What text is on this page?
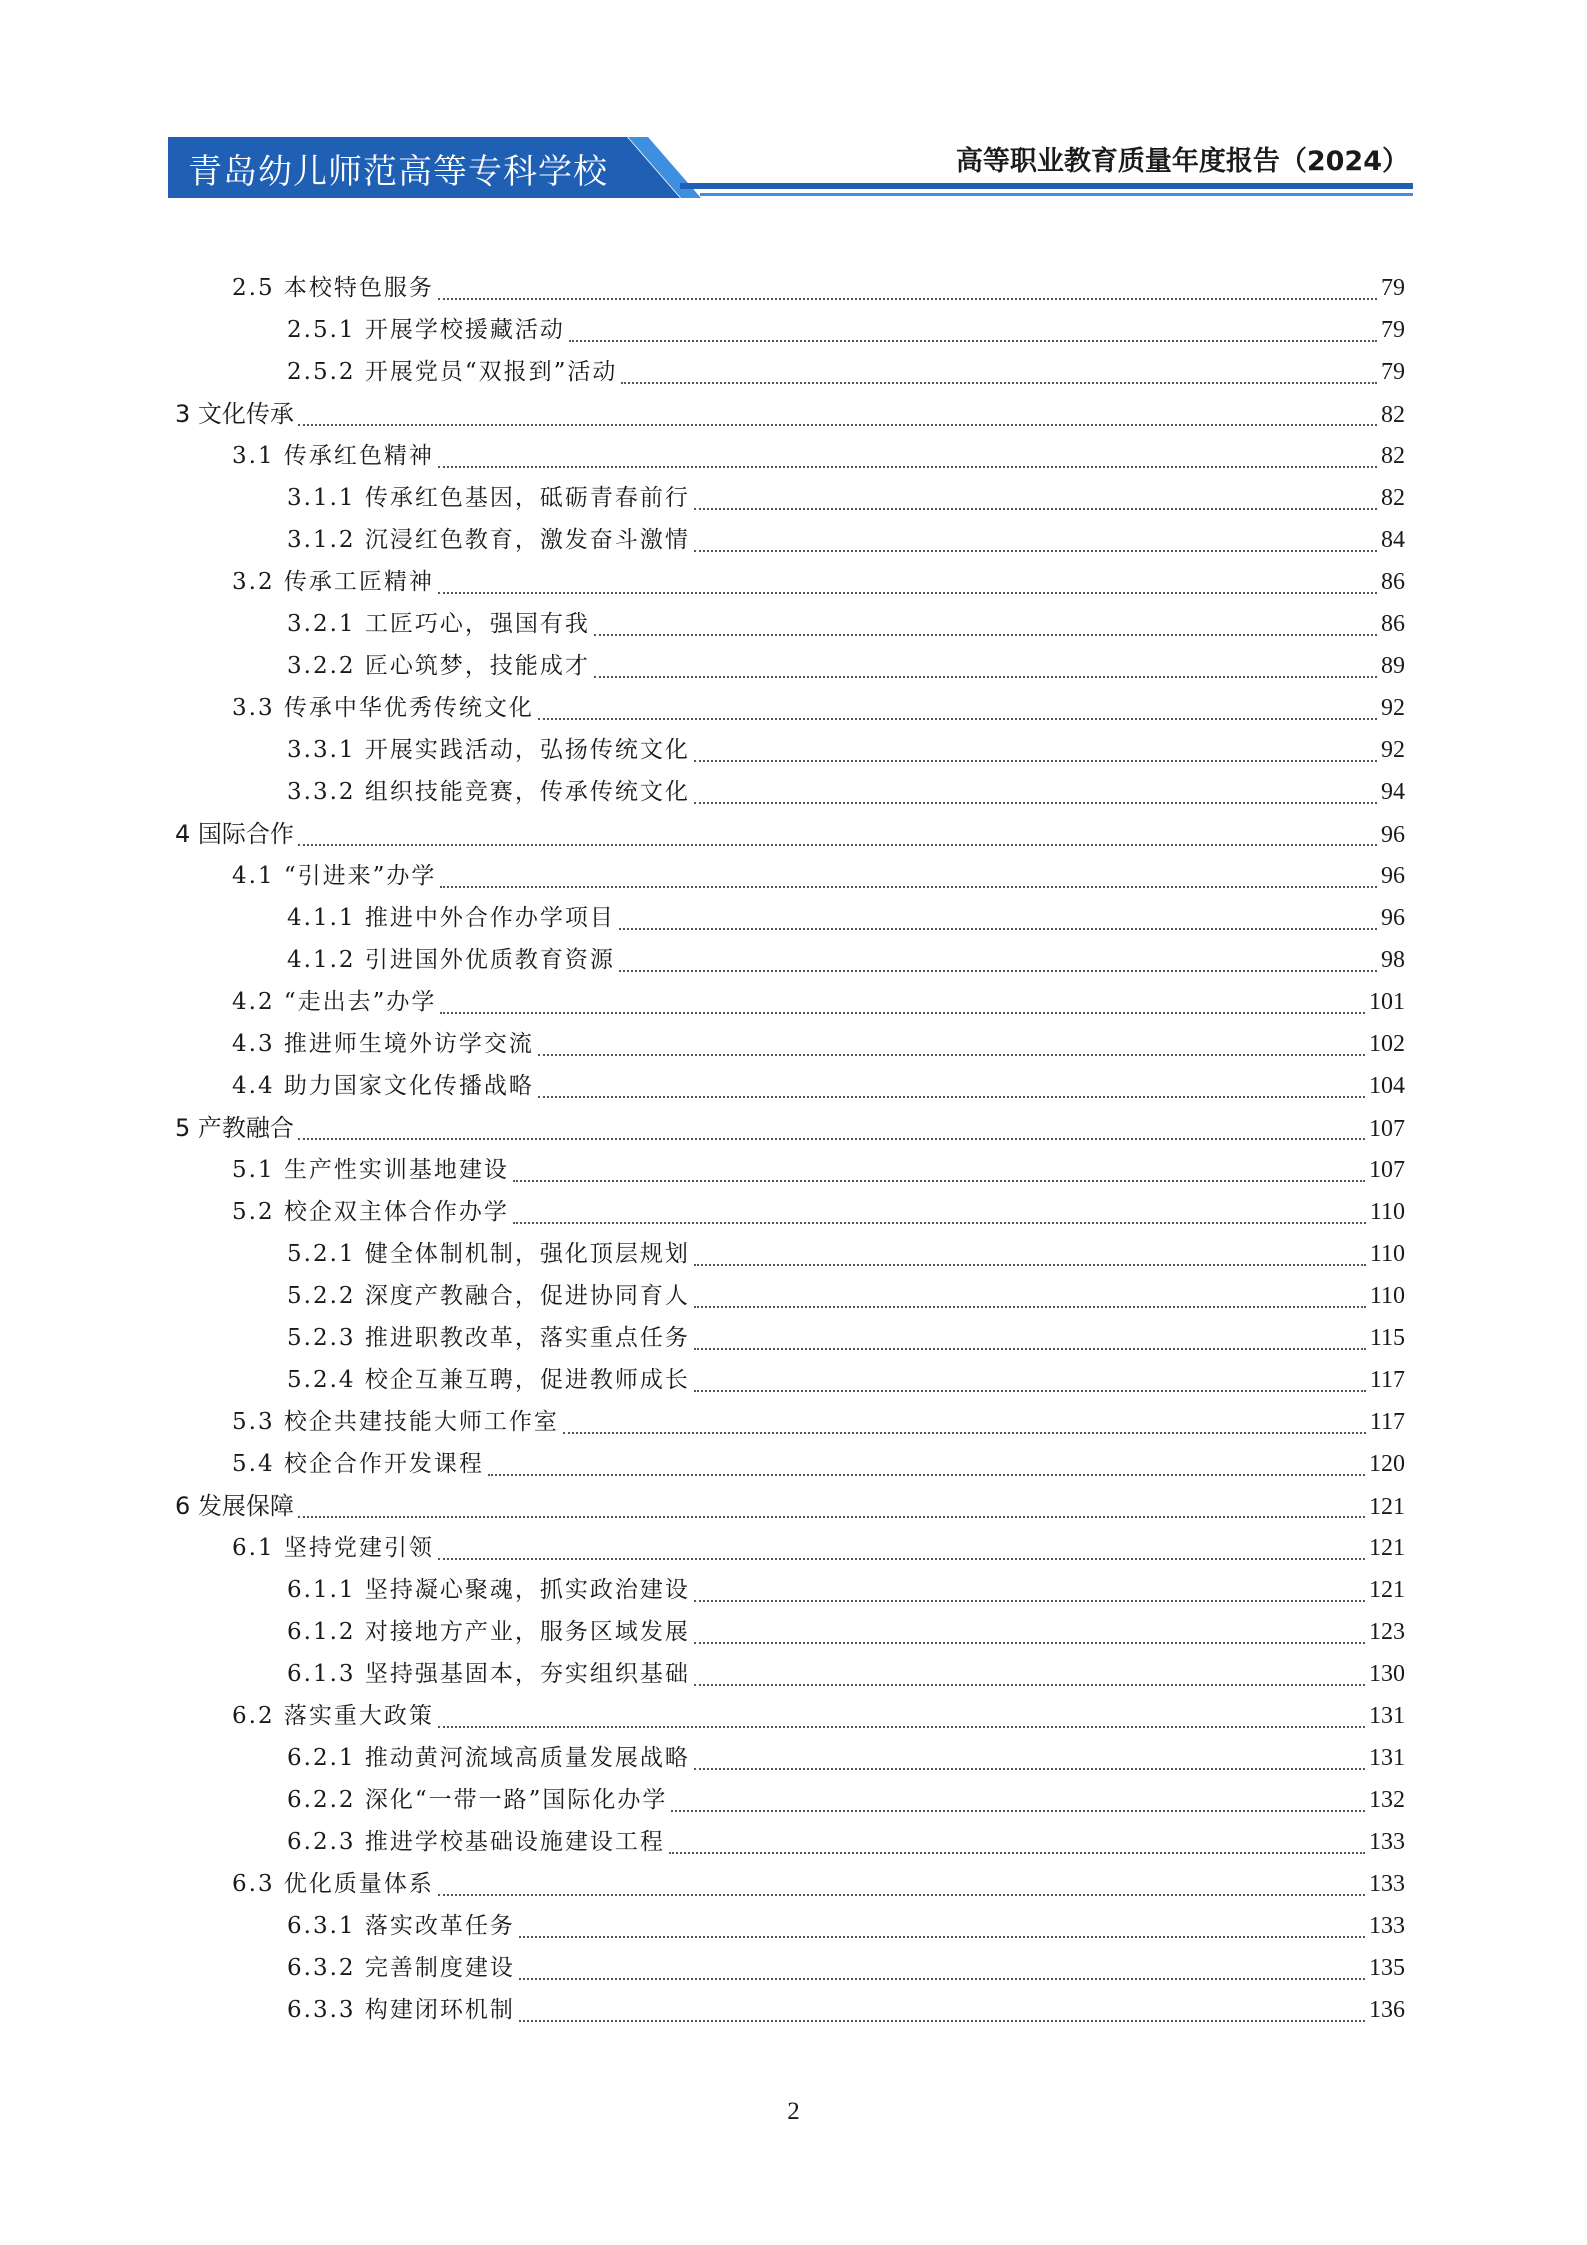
青岛幼儿师范高等专科学校	高等职业教育质量年度报告（2024）
2.5 本校特色服务	79
2.5.1 开展学校援藏活动	79
2.5.2 开展党员“双报到”活动	79
3 文化传承	82
3.1 传承红色精神	82
3.1.1 传承红色基因，砥砺青春前行	82
3.1.2 沉浸红色教育，激发奋斗激情	84
3.2 传承工匠精神	86
3.2.1 工匠巧心，强国有我	86
3.2.2 匠心筑梦，技能成才	89
3.3 传承中华优秀传统文化	92
3.3.1 开展实践活动，弘扬传统文化	92
3.3.2 组织技能竞赛，传承传统文化	94
4 国际合作	96
4.1 “引进来”办学	96
4.1.1 推进中外合作办学项目	96
4.1.2 引进国外优质教育资源	98
4.2 “走出去”办学	101
4.3 推进师生境外访学交流	102
4.4 助力国家文化传播战略	104
5 产教融合	107
5.1 生产性实训基地建设	107
5.2 校企双主体合作办学	110
5.2.1 健全体制机制，强化顶层规划	110
5.2.2 深度产教融合，促进协同育人	110
5.2.3 推进职教改革，落实重点任务	115
5.2.4 校企互兼互聘，促进教师成长	117
5.3 校企共建技能大师工作室	117
5.4 校企合作开发课程	120
6 发展保障	121
6.1 坚持党建引领	121
6.1.1 坚持凝心聚魂，抓实政治建设	121
6.1.2 对接地方产业，服务区域发展	123
6.1.3 坚持强基固本，夯实组织基础	130
6.2 落实重大政策	131
6.2.1 推动黄河流域高质量发展战略	131
6.2.2 深化“一带一路”国际化办学	132
6.2.3 推进学校基础设施建设工程	133
6.3 优化质量体系	133
6.3.1 落实改革任务	133
6.3.2 完善制度建设	135
6.3.3 构建闭环机制	136
2
